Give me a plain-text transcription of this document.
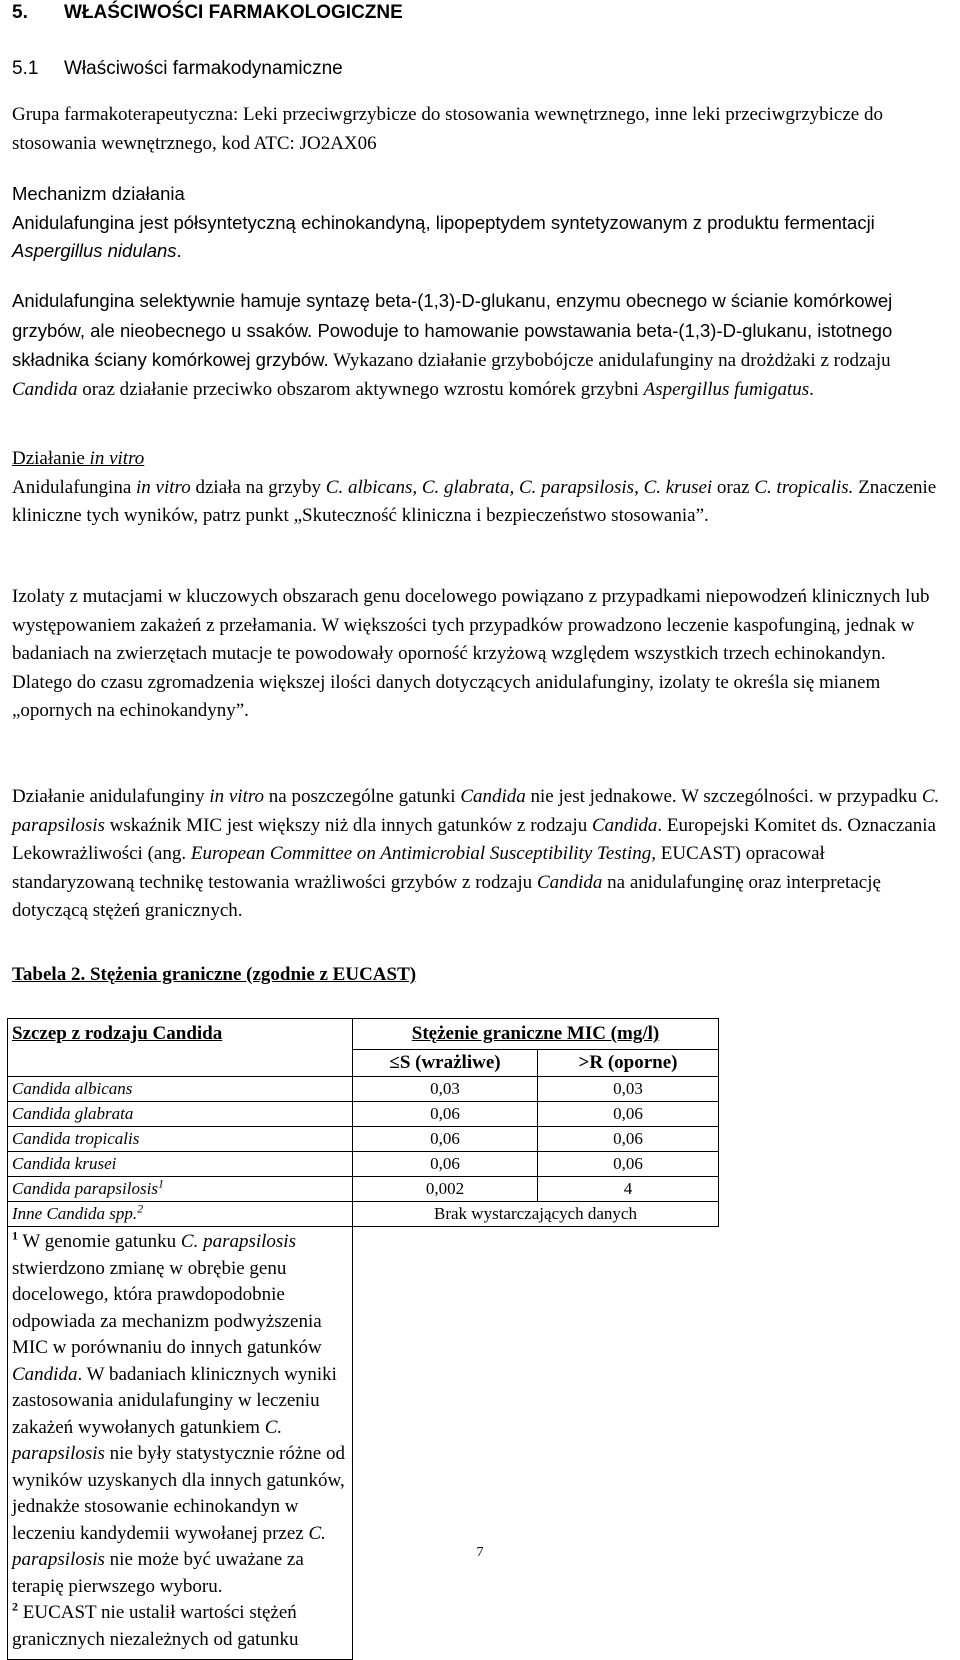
5. WŁAŚCIWOŚCI FARMAKOLOGICZNE
5.1 Właściwości farmakodynamiczne

Grupa farmakoterapeutyczna: Leki przeciwgrzybicze do stosowania wewnętrznego, inne leki przeciwgrzybicze do stosowania wewnętrznego, kod ATC: JO2AX06

Mechanizm działania

Anidulafungina jest półsyntetyczną echinokandyną, lipopeptydem syntetyzowanym z produktu fermentacji Aspergillus nidulans.

Anidulafungina selektywnie hamuje syntazę beta-(1,3)-D-glukanu, enzymu obecnego w ścianie komórkowej grzybów, ale nieobecnego u ssaków. Powoduje to hamowanie powstawania beta-(1,3)-D-glukanu, istotnego składnika ściany komórkowej grzybów. Wykazano działanie grzybobójcze anidulafunginy na drożdżaki z rodzaju Candida oraz działanie przeciwko obszarom aktywnego wzrostu komórek grzybni Aspergillus fumigatus.

Działanie in vitro

Anidulafungina in vitro działa na grzyby C. albicans, C. glabrata, C. parapsilosis, C. krusei oraz C. tropicalis. Znaczenie kliniczne tych wyników, patrz punkt „Skuteczność kliniczna i bezpieczeństwo stosowania”.

Izolaty z mutacjami w kluczowych obszarach genu docelowego powiązano z przypadkami niepowodzeń klinicznych lub występowaniem zakażeń z przełamania. W większości tych przypadków prowadzono leczenie kaspofunginą, jednak w badaniach na zwierzętach mutacje te powodowały oporność krzyżową względem wszystkich trzech echinokandyn. Dlatego do czasu zgromadzenia większej ilości danych dotyczących anidulafunginy, izolaty te określa się mianem „opornych na echinokandyny”.

Działanie anidulafunginy in vitro na poszczególne gatunki Candida nie jest jednakowe. W szczególności. w przypadku C. parapsilosis wskaźnik MIC jest większy niż dla innych gatunków z rodzaju Candida. Europejski Komitet ds. Oznaczania Lekowrażliwości (ang. European Committee on Antimicrobial Susceptibility Testing, EUCAST) opracował standaryzowaną technikę testowania wrażliwości grzybów z rodzaju Candida na anidulafunginę oraz interpretację dotyczącą stężeń granicznych.

Tabela 2. Stężenia graniczne (zgodnie z EUCAST)
Szczep z rodzaju Candida	Stężenie graniczne MIC (mg/l)	
	≤S (wrażliwe)	>R (oporne)
Candida albicans	0,03	0,03
Candida glabrata	0,06	0,06
Candida tropicalis	0,06	0,06
Candida krusei	0,06	0,06
Candida parapsilosis$^1$	0,002	4
Inne Candida spp.$^2$	Brak wystarczających danych	
$^1$ W genomie gatunku C. parapsilosis stwierdzono zmianę w obrębie genu docelowego, która prawdopodobnie odpowiada za mechanizm podwyższenia MIC w porównaniu do innych gatunków Candida. W badaniach klinicznych wyniki zastosowania anidulafunginy w leczeniu zakażeń wywołanych gatunkiem C. parapsilosis nie były statystycznie różne od wyników uzyskanych dla innych gatunków, jednakże stosowanie echinokandyn w leczeniu kandydemii wywołanej przez C. parapsilosis nie może być uważane za terapię pierwszego wyboru.
$^2$ EUCAST nie ustalił wartości stężeń granicznych niezależnych od gatunku		
7
